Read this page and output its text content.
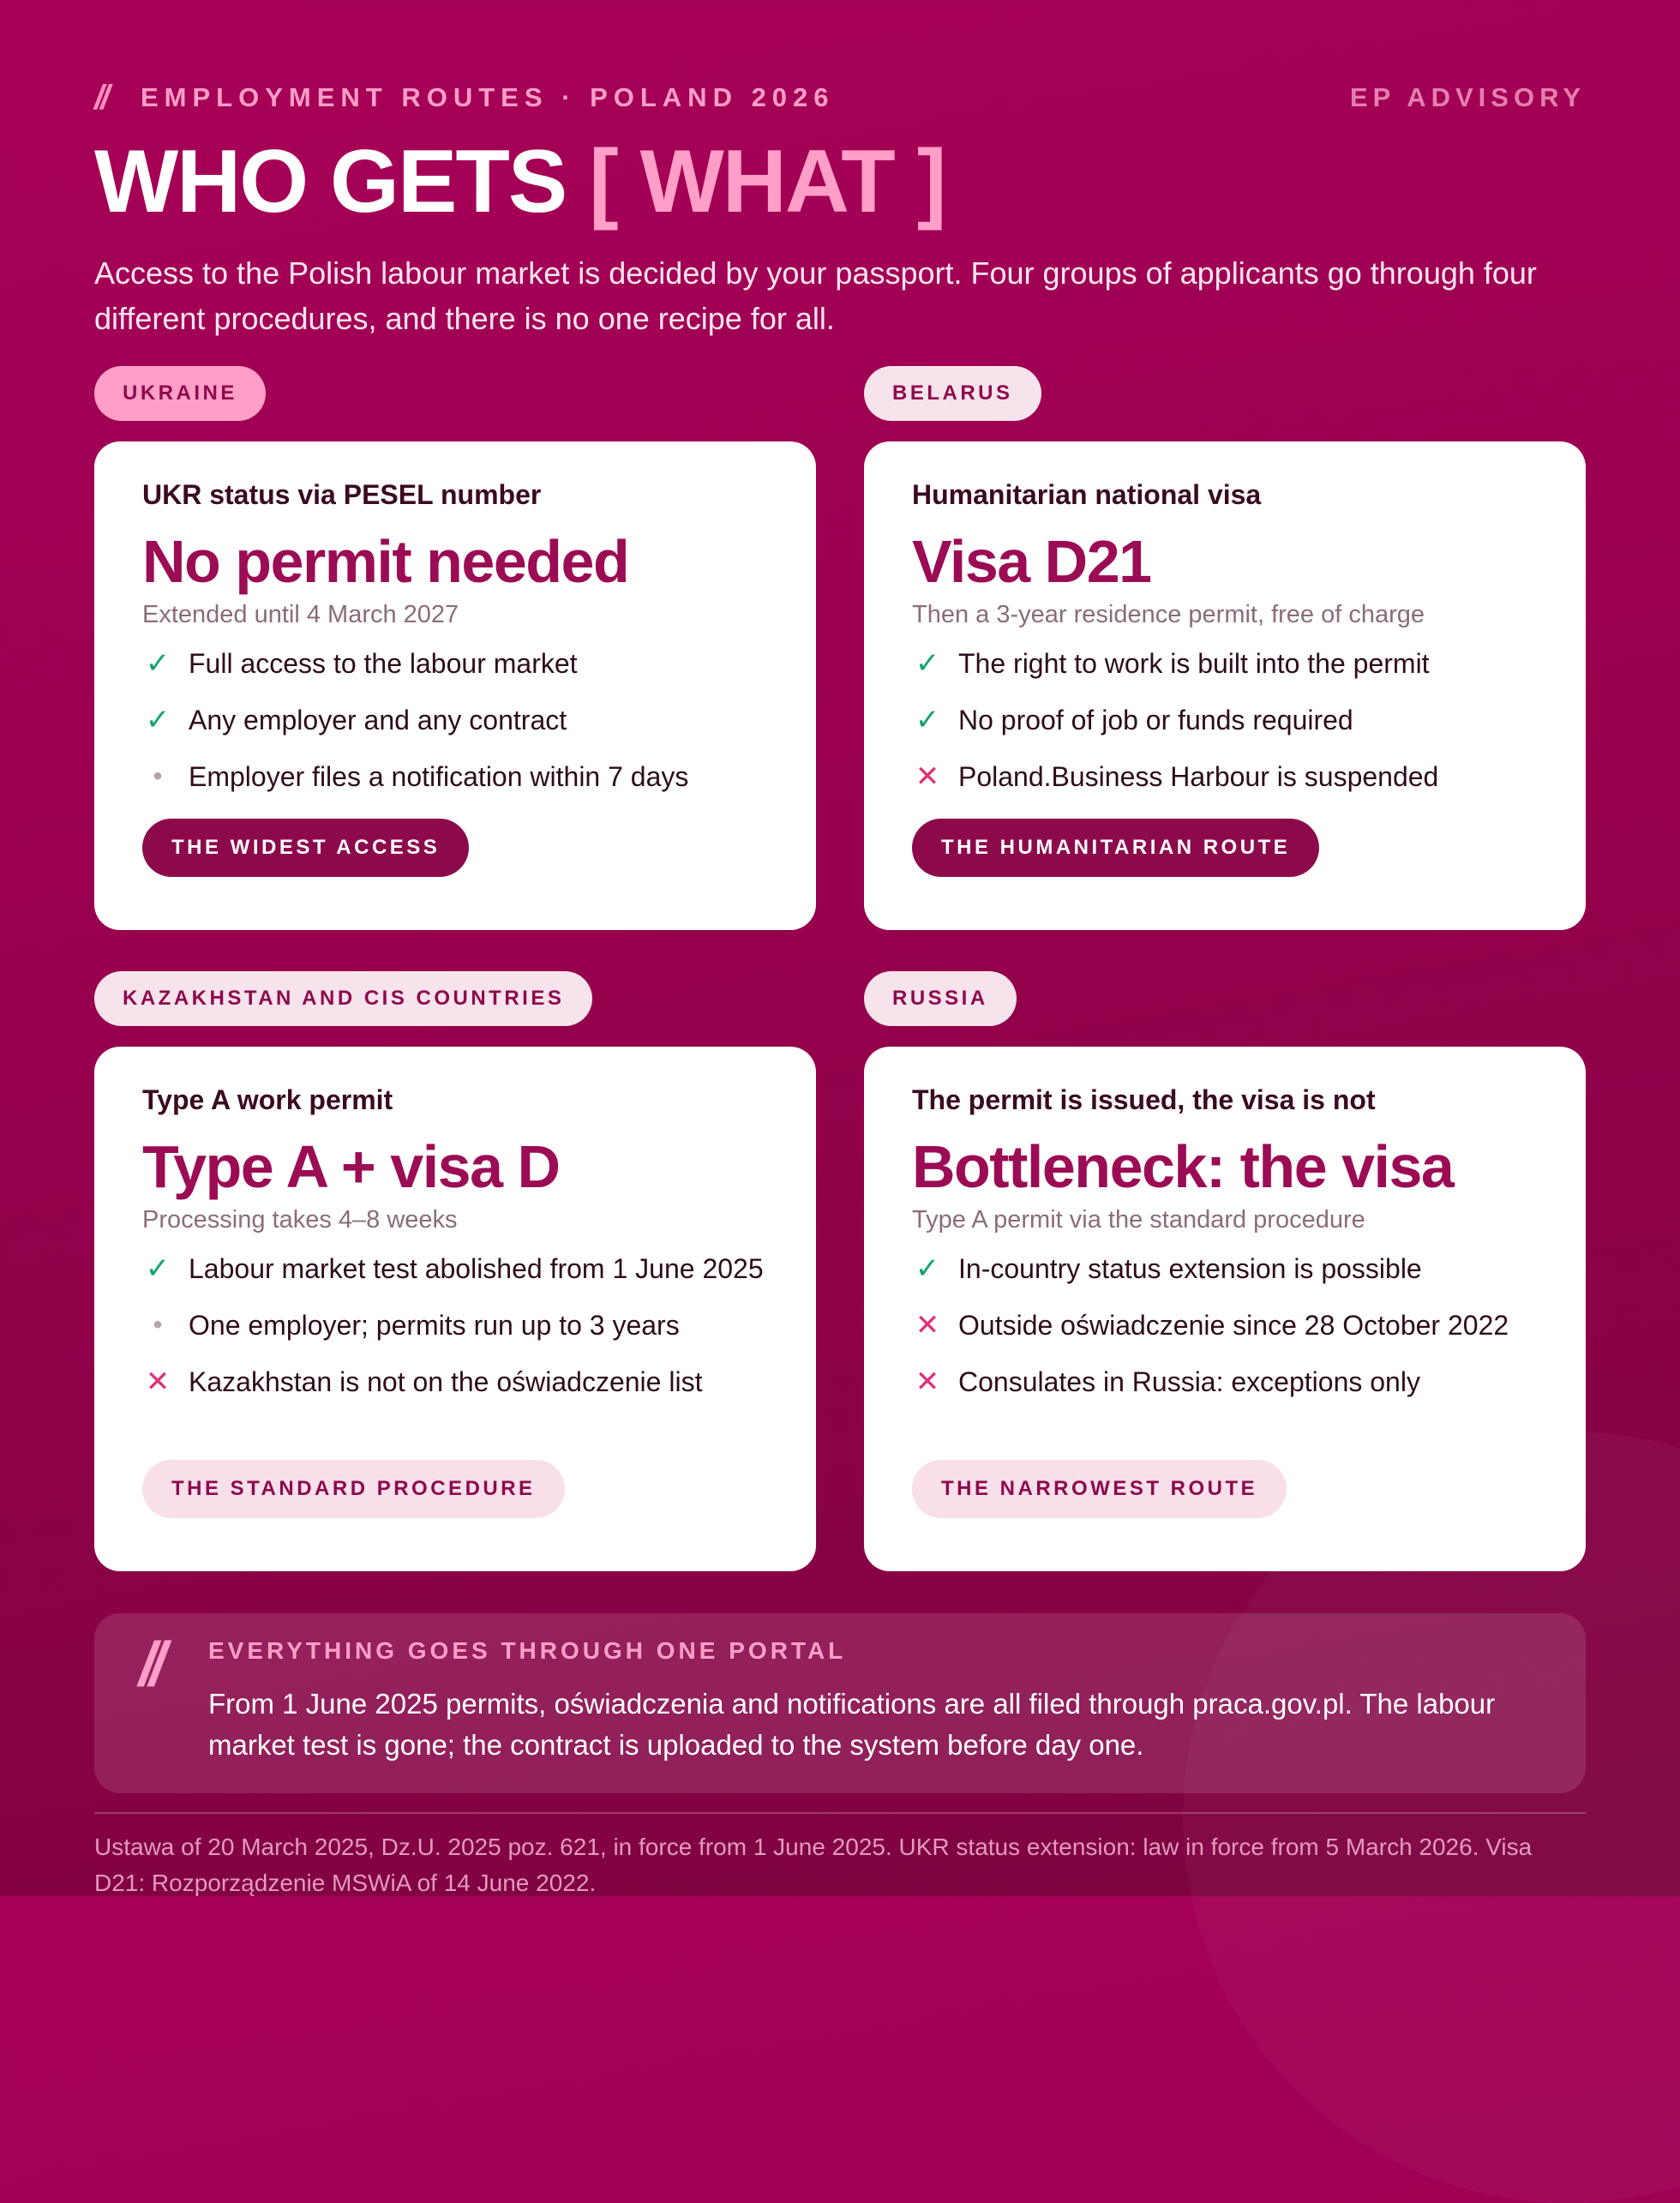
// EMPLOYMENT ROUTES · POLAND 2026	EP ADVISORY
WHO GETS [ WHAT ]
Access to the Polish labour market is decided by your passport. Four groups of applicants go through four different procedures, and there is no one recipe for all.
UKRAINE
UKR status via PESEL number
No permit needed
Extended until 4 March 2027
✓ Full access to the labour market
✓ Any employer and any contract
• Employer files a notification within 7 days
THE WIDEST ACCESS
BELARUS
Humanitarian national visa
Visa D21
Then a 3-year residence permit, free of charge
✓ The right to work is built into the permit
✓ No proof of job or funds required
✕ Poland.Business Harbour is suspended
THE HUMANITARIAN ROUTE
KAZAKHSTAN AND CIS COUNTRIES
Type A work permit
Type A + visa D
Processing takes 4–8 weeks
✓ Labour market test abolished from 1 June 2025
• One employer; permits run up to 3 years
✕ Kazakhstan is not on the oświadczenie list
THE STANDARD PROCEDURE
RUSSIA
The permit is issued, the visa is not
Bottleneck: the visa
Type A permit via the standard procedure
✓ In-country status extension is possible
✕ Outside oświadczenie since 28 October 2022
✕ Consulates in Russia: exceptions only
THE NARROWEST ROUTE
// EVERYTHING GOES THROUGH ONE PORTAL
From 1 June 2025 permits, oświadczenia and notifications are all filed through praca.gov.pl. The labour market test is gone; the contract is uploaded to the system before day one.
Ustawa of 20 March 2025, Dz.U. 2025 poz. 621, in force from 1 June 2025. UKR status extension: law in force from 5 March 2026. Visa D21: Rozporządzenie MSWiA of 14 June 2022.
